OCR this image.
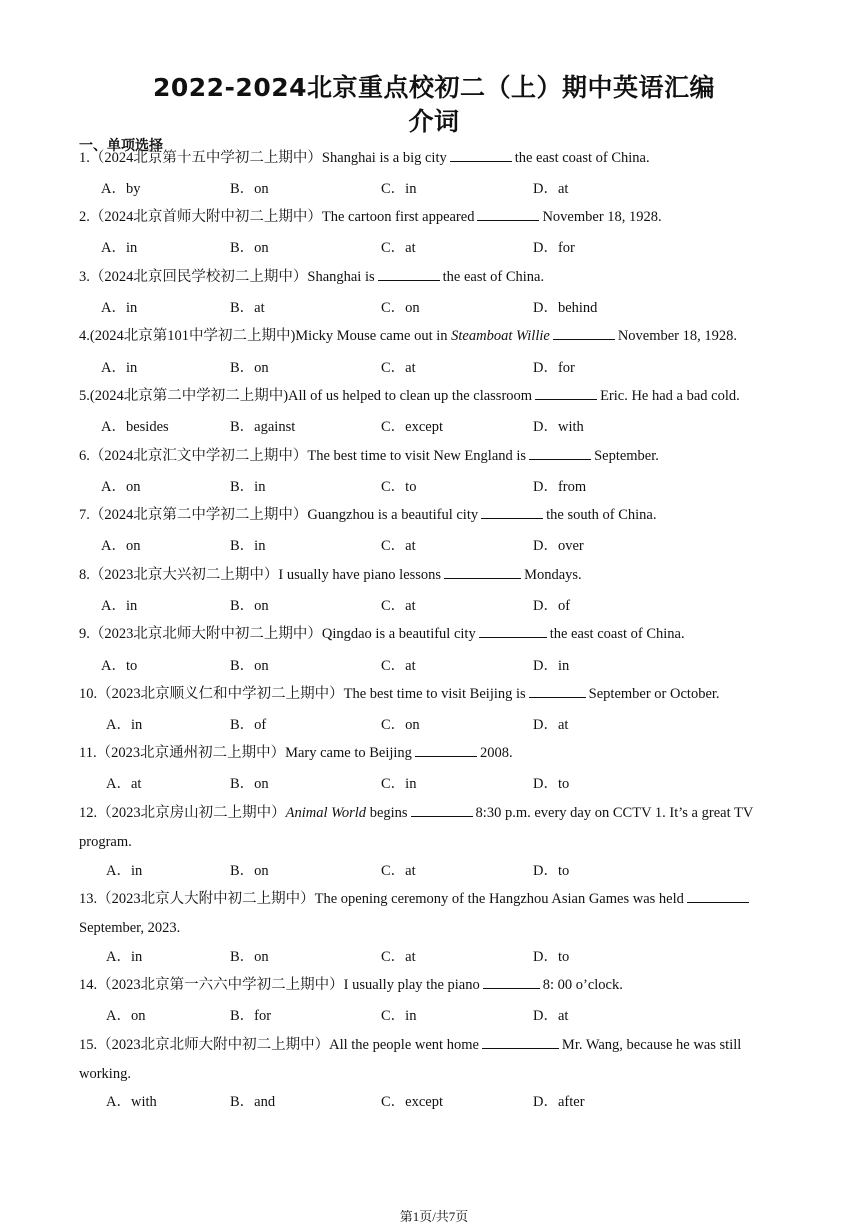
2022-2024北京重点校初二（上）期中英语汇编
介词
一、单项选择
1.（2024北京第十五中学初二上期中）Shanghai is a big city	the east coast of China.
A．by	B．on	C．in	D．at
2.（2024北京首师大附中初二上期中）The cartoon first appeared	November 18, 1928.
A．in	B．on	C．at	D．for
3.（2024北京回民学校初二上期中）Shanghai is	the east of China.
A．in	B．at	C．on	D．behind
4.(2024北京第101中学初二上期中)Micky Mouse came out in Steamboat Willie	November 18, 1928.
A．in	B．on	C．at	D．for
5.(2024北京第二中学初二上期中)All of us helped to clean up the classroom	Eric. He had a bad cold.
A．besides	B．against	C．except	D．with
6.（2024北京汇文中学初二上期中）The best time to visit New England is	September.
A．on	B．in	C．to	D．from
7.（2024北京第二中学初二上期中）Guangzhou is a beautiful city	the south of China.
A．on	B．in	C．at	D．over
8.（2023北京大兴初二上期中）I usually have piano lessons	Mondays.
A．in	B．on	C．at	D．of
9.（2023北京北师大附中初二上期中）Qingdao is a beautiful city	the east coast of China.
A．to	B．on	C．at	D．in
10.（2023北京顺义仁和中学初二上期中）The best time to visit Beijing is	September or October.
A．in	B．of	C．on	D．at
11.（2023北京通州初二上期中）Mary came to Beijing	2008.
A．at	B．on	C．in	D．to
12.（2023北京房山初二上期中）Animal World begins	8:30 p.m. every day on CCTV 1. It’s a great TV program.
A．in	B．on	C．at	D．to
13.（2023北京人大附中初二上期中）The opening ceremony of the Hangzhou Asian Games was heldSeptember, 2023.
A．in	B．on	C．at	D．to
14.（2023北京第一六六中学初二上期中）I usually play the piano	8: 00 o’clock.
A．on	B．for	C．in	D．at
15.（2023北京北师大附中初二上期中）All the people went home	Mr. Wang, because he was still working.
A．with	B．and	C．except	D．after
第1页/共7页
